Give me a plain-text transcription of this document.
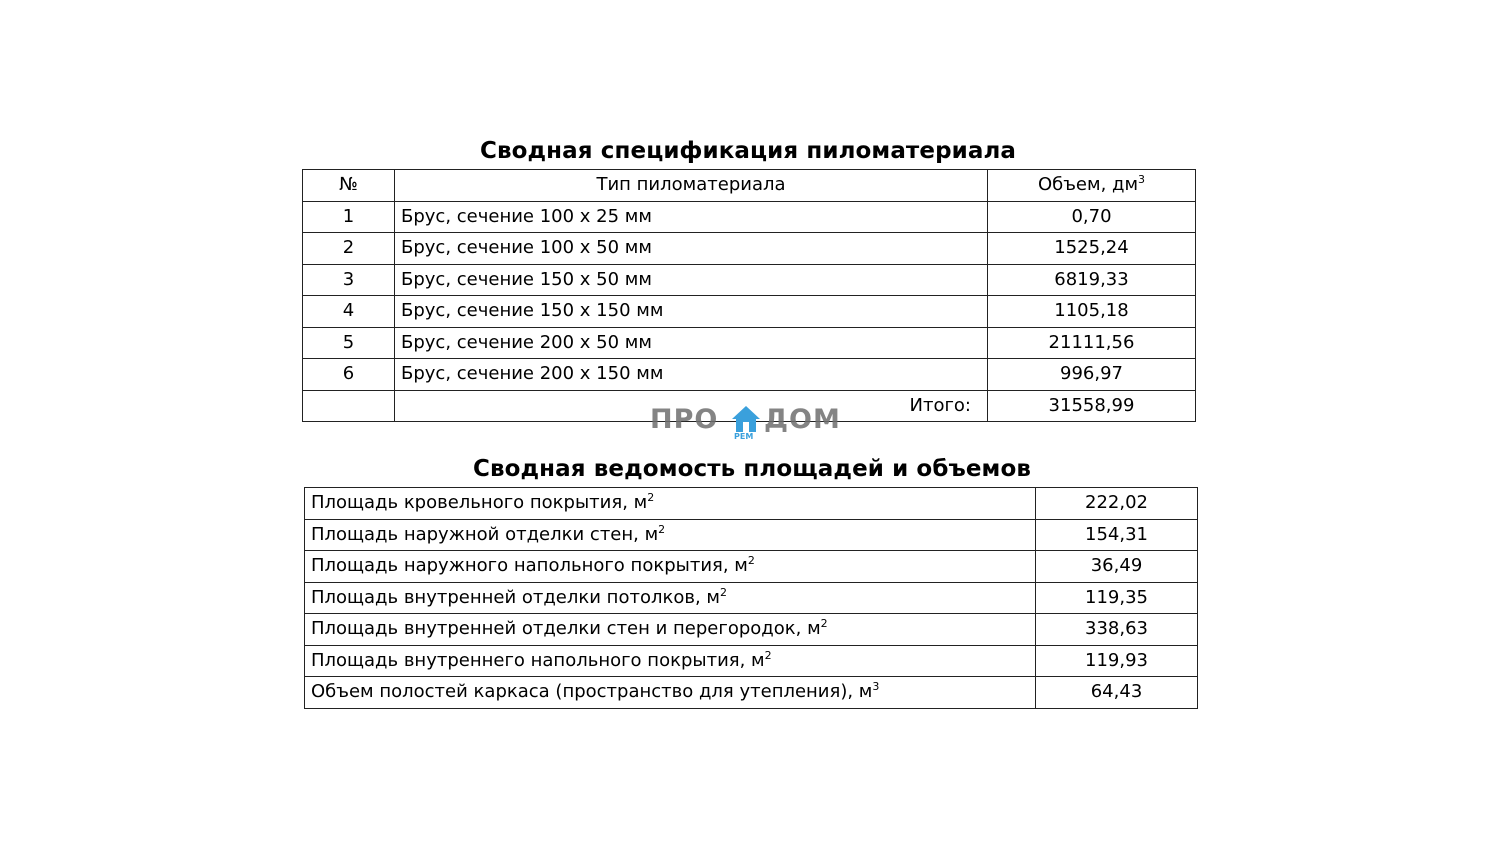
Сводная спецификация пиломатериала
№	Тип пиломатериала	Объем, $дм^3$
1	Брус, сечение 100 х 25 мм	0,70
2	Брус, сечение 100 х 50 мм	1525,24
3	Брус, сечение 150 х 50 мм	6819,33
4	Брус, сечение 150 х 150 мм	1105,18
5	Брус, сечение 200 х 50 мм	21111,56
6	Брус, сечение 200 х 150 мм	996,97
	Итого:	31558,99
ПРО
РЕМ
ДОМ
Сводная ведомость площадей и объемов
Площадь кровельного покрытия, $м^2$	222,02
Площадь наружной отделки стен, $м^2$	154,31
Площадь наружного напольного покрытия, $м^2$	36,49
Площадь внутренней отделки потолков, $м^2$	119,35
Площадь внутренней отделки стен и перегородок, $м^2$	338,63
Площадь внутреннего напольного покрытия, $м^2$	119,93
Объем полостей каркаса (пространство для утепления), $м^3$	64,43
